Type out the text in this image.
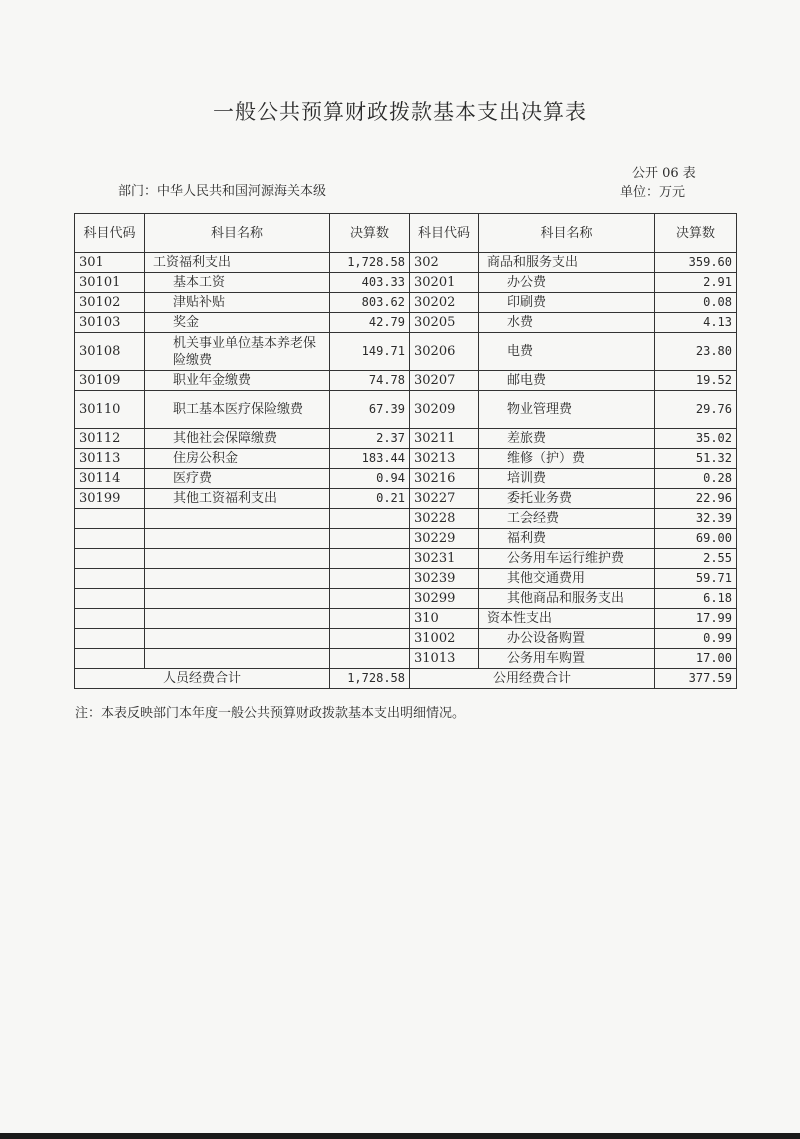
一般公共预算财政拨款基本支出决算表
公开 06 表
部门：中华人民共和国河源海关本级	单位：万元
科目代码	科目名称	决算数	科目代码	科目名称	决算数
301	工资福利支出	1,728.58	302	商品和服务支出	359.60
30101	基本工资	403.33	30201	办公费	2.91
30102	津贴补贴	803.62	30202	印刷费	0.08
30103	奖金	42.79	30205	水费	4.13
30108	机关事业单位基本养老保险缴费	149.71	30206	电费	23.80
30109	职业年金缴费	74.78	30207	邮电费	19.52
30110	职工基本医疗保险缴费	67.39	30209	物业管理费	29.76
30112	其他社会保障缴费	2.37	30211	差旅费	35.02
30113	住房公积金	183.44	30213	维修（护）费	51.32
30114	医疗费	0.94	30216	培训费	0.28
30199	其他工资福利支出	0.21	30227	委托业务费	22.96
			30228	工会经费	32.39
			30229	福利费	69.00
			30231	公务用车运行维护费	2.55
			30239	其他交通费用	59.71
			30299	其他商品和服务支出	6.18
			310	资本性支出	17.99
			31002	办公设备购置	0.99
			31013	公务用车购置	17.00
人员经费合计		1,728.58	公用经费合计		377.59
注：本表反映部门本年度一般公共预算财政拨款基本支出明细情况。
